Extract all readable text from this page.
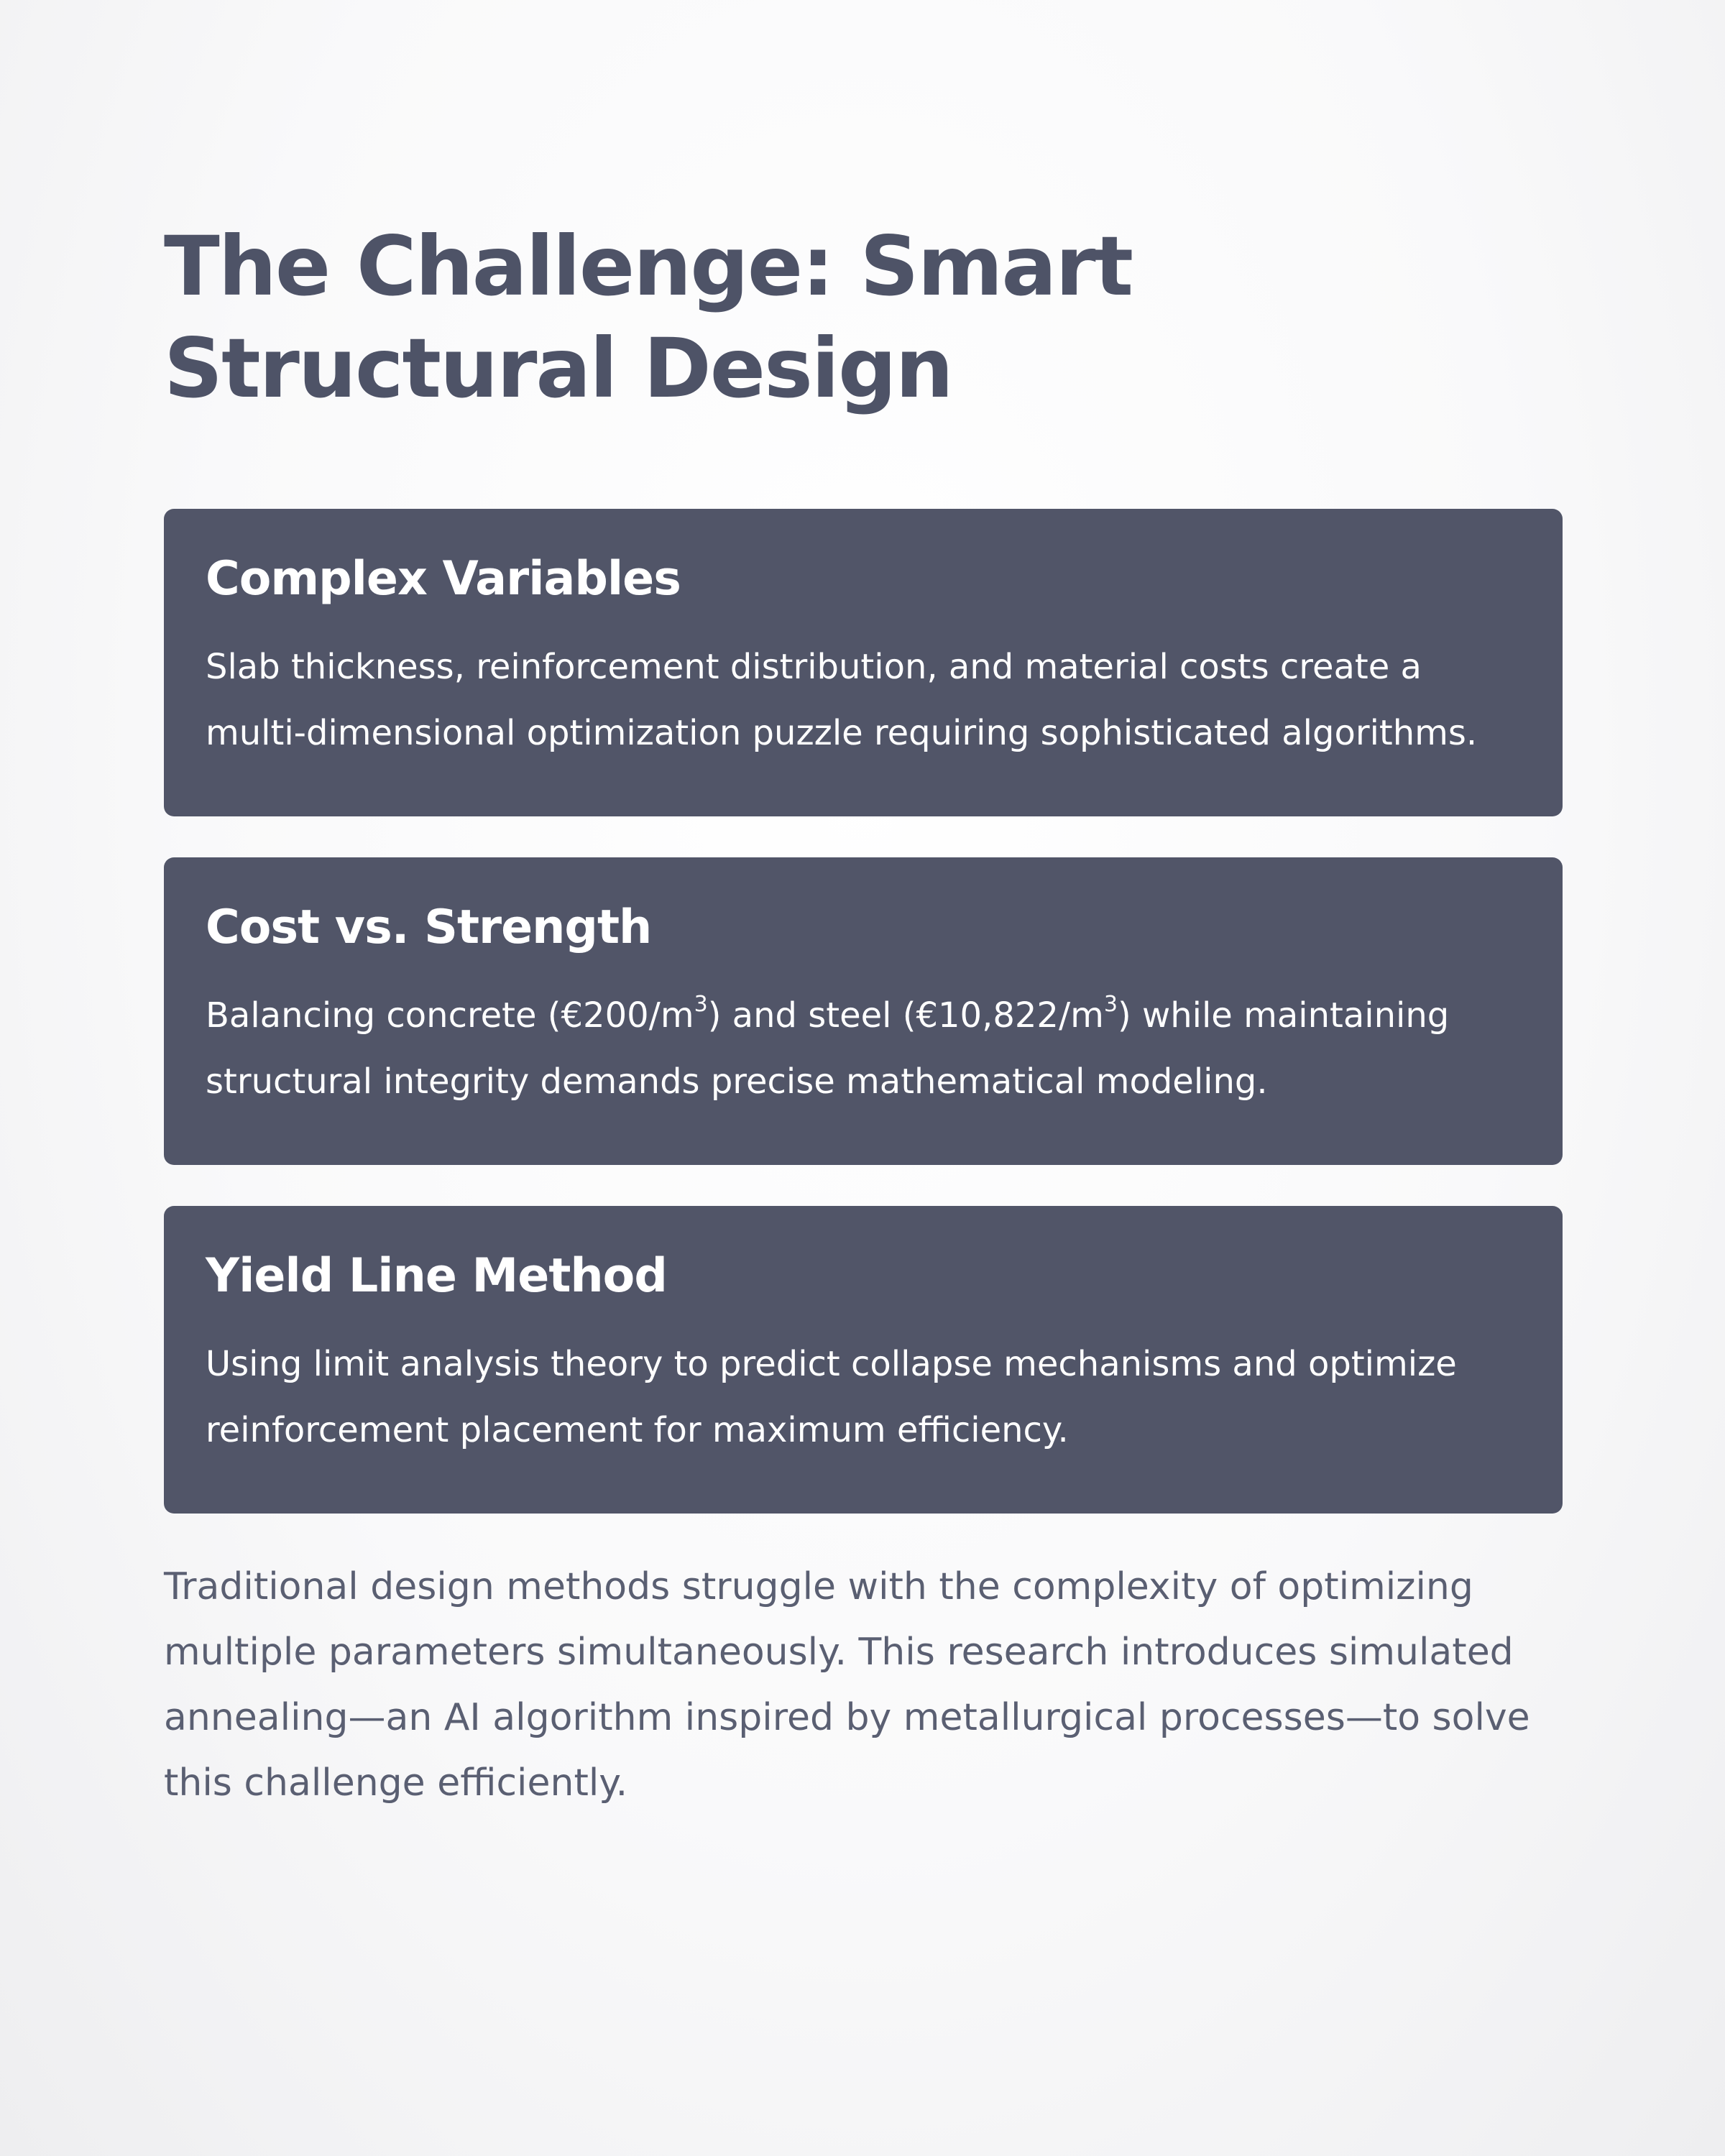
The Challenge: Smart Structural Design
Complex Variables

Slab thickness, reinforcement distribution, and material costs create a multi-dimensional optimization puzzle requiring sophisticated algorithms.

Cost vs. Strength

Balancing concrete $(€200/m^3)$ and steel $(€10,822/m^3)$ while maintaining structural integrity demands precise mathematical modeling.

Yield Line Method

Using limit analysis theory to predict collapse mechanisms and optimize reinforcement placement for maximum efficiency.

Traditional design methods struggle with the complexity of optimizing multiple parameters simultaneously. This research introduces simulated annealing—an AI algorithm inspired by metallurgical processes—to solve this challenge efficiently.
